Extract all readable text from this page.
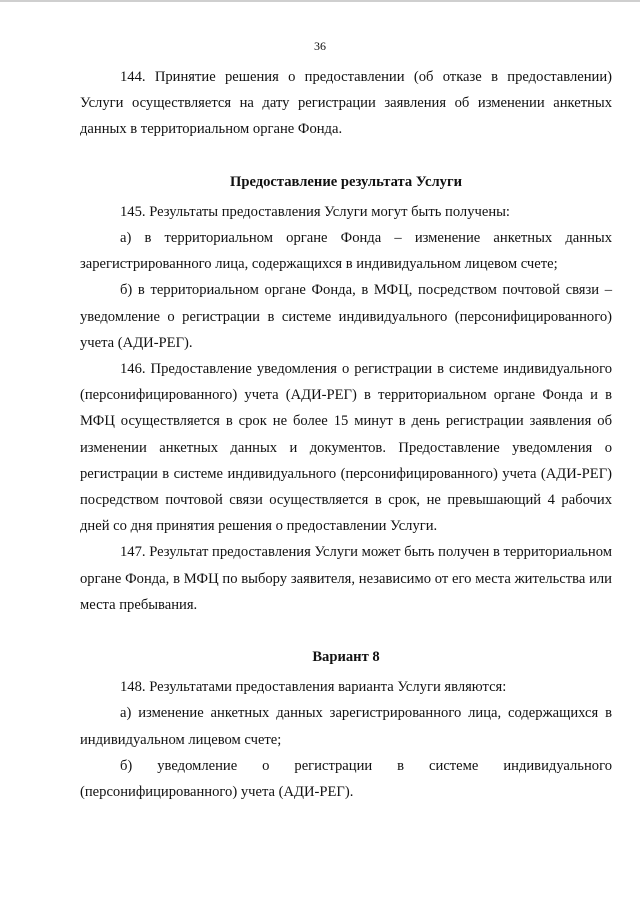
36

144. Принятие решения о предоставлении (об отказе в предоставлении) Услуги осуществляется на дату регистрации заявления об изменении анкетных данных в территориальном органе Фонда.

Предоставление результата Услуги

145. Результаты предоставления Услуги могут быть получены:

а) в территориальном органе Фонда – изменение анкетных данных зарегистрированного лица, содержащихся в индивидуальном лицевом счете;

б) в территориальном органе Фонда, в МФЦ, посредством почтовой связи – уведомление о регистрации в системе индивидуального (персонифицированного) учета (АДИ-РЕГ).

146. Предоставление уведомления о регистрации в системе индивидуального (персонифицированного) учета (АДИ-РЕГ) в территориальном органе Фонда и в МФЦ осуществляется в срок не более 15 минут в день регистрации заявления об изменении анкетных данных и документов. Предоставление уведомления о регистрации в системе индивидуального (персонифицированного) учета (АДИ-РЕГ) посредством почтовой связи осуществляется в срок, не превышающий 4 рабочих дней со дня принятия решения о предоставлении Услуги.

147. Результат предоставления Услуги может быть получен в территориальном органе Фонда, в МФЦ по выбору заявителя, независимо от его места жительства или места пребывания.

Вариант 8

148. Результатами предоставления варианта Услуги являются:

а) изменение анкетных данных зарегистрированного лица, содержащихся в индивидуальном лицевом счете;

б) уведомление о регистрации в системе индивидуального (персонифицированного) учета (АДИ-РЕГ).
